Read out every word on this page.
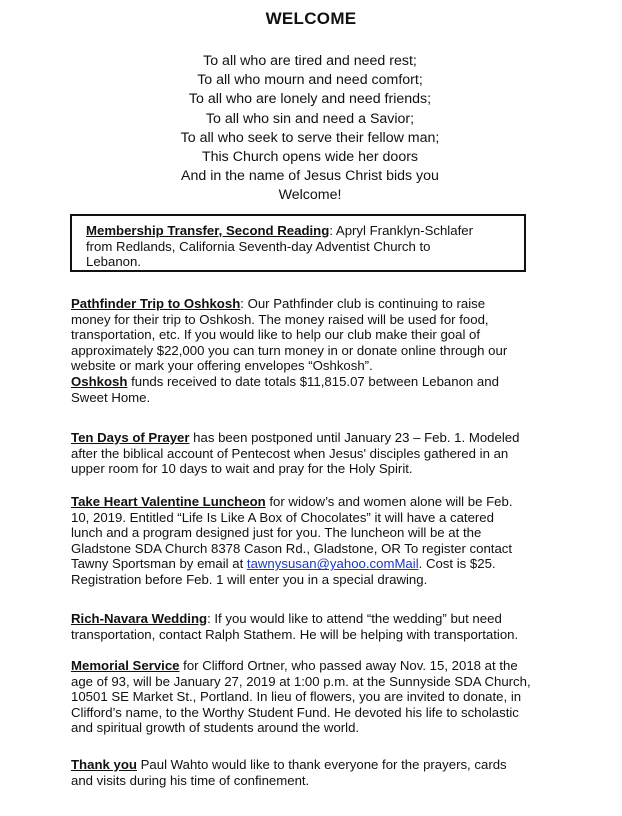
WELCOME
To all who are tired and need rest;
To all who mourn and need comfort;
To all who are lonely and need friends;
To all who sin and need a Savior;
To all who seek to serve their fellow man;
This Church opens wide her doors
And in the name of Jesus Christ bids you
Welcome!
Membership Transfer, Second Reading: Apryl Franklyn-Schlafer
from Redlands, California Seventh-day Adventist Church to
Lebanon.
Pathfinder Trip to Oshkosh: Our Pathfinder club is continuing to raise
money for their trip to Oshkosh. The money raised will be used for food,
transportation, etc. If you would like to help our club make their goal of
approximately $22,000 you can turn money in or donate online through our
website or mark your offering envelopes “Oshkosh”.
Oshkosh funds received to date totals $11,815.07 between Lebanon and
Sweet Home.
Ten Days of Prayer has been postponed until January 23 – Feb. 1. Modeled
after the biblical account of Pentecost when Jesus' disciples gathered in an
upper room for 10 days to wait and pray for the Holy Spirit.
Take Heart Valentine Luncheon for widow’s and women alone will be Feb.
10, 2019. Entitled “Life Is Like A Box of Chocolates” it will have a catered
lunch and a program designed just for you. The luncheon will be at the
Gladstone SDA Church 8378 Cason Rd., Gladstone, OR To register contact
Tawny Sportsman by email at tawnysusan@yahoo.comMail. Cost is $25.
Registration before Feb. 1 will enter you in a special drawing.
Rich-Navara Wedding: If you would like to attend “the wedding” but need
transportation, contact Ralph Stathem. He will be helping with transportation.
Memorial Service for Clifford Ortner, who passed away Nov. 15, 2018 at the
age of 93, will be January 27, 2019 at 1:00 p.m. at the Sunnyside SDA Church,
10501 SE Market St., Portland. In lieu of flowers, you are invited to donate, in
Clifford’s name, to the Worthy Student Fund. He devoted his life to scholastic
and spiritual growth of students around the world.
Thank you Paul Wahto would like to thank everyone for the prayers, cards
and visits during his time of confinement.
